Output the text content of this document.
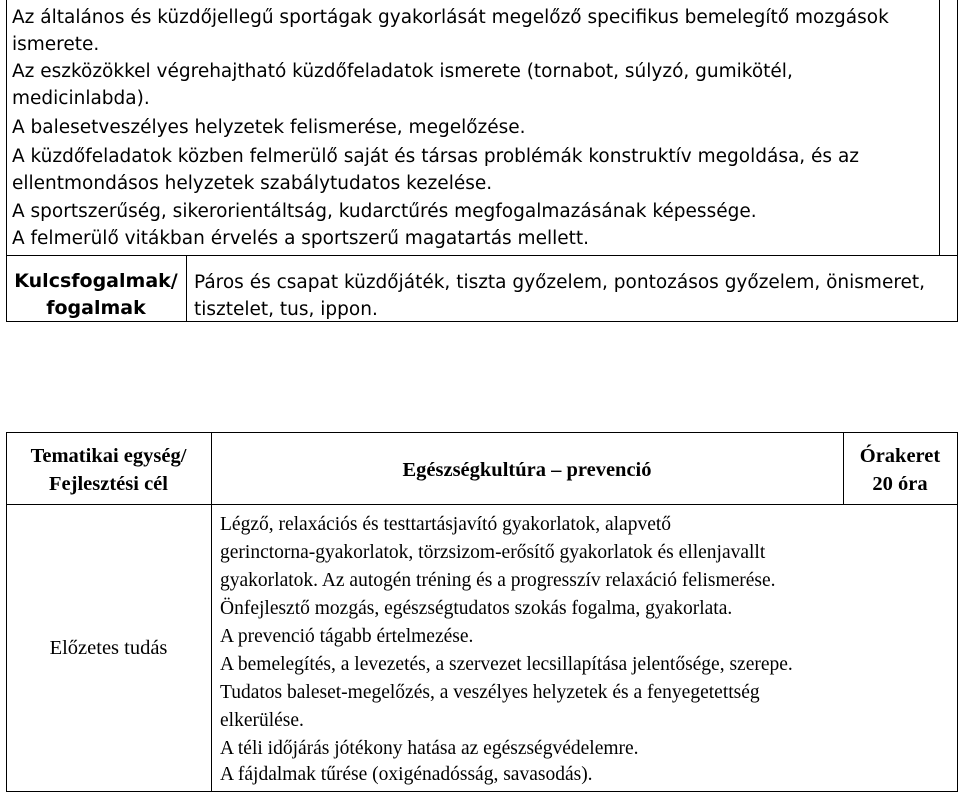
Az általános és küzdőjellegű sportágak gyakorlását megelőző specifikus bemelegítő mozgások
ismerete.
Az eszközökkel végrehajtható küzdőfeladatok ismerete (tornabot, súlyzó, gumikötél,
medicinlabda).
A balesetveszélyes helyzetek felismerése, megelőzése.
A küzdőfeladatok közben felmerülő saját és társas problémák konstruktív megoldása, és az
ellentmondásos helyzetek szabálytudatos kezelése.
A sportszerűség, sikerorientáltság, kudarctűrés megfogalmazásának képessége.
A felmerülő vitákban érvelés a sportszerű magatartás mellett.
Kulcsfogalmak/
fogalmak
Páros és csapat küzdőjáték, tiszta győzelem, pontozásos győzelem, önismeret,
tisztelet, tus, ippon.
Tematikai egység/
Fejlesztési cél
Egészségkultúra – prevenció
Órakeret
20 óra
Előzetes tudás
Légző, relaxációs és testtartásjavító gyakorlatok, alapvető
gerinctorna-gyakorlatok, törzsizom-erősítő gyakorlatok és ellenjavallt
gyakorlatok. Az autogén tréning és a progresszív relaxáció felismerése.
Önfejlesztő mozgás, egészségtudatos szokás fogalma, gyakorlata.
A prevenció tágabb értelmezése.
A bemelegítés, a levezetés, a szervezet lecsillapítása jelentősége, szerepe.
Tudatos baleset-megelőzés, a veszélyes helyzetek és a fenyegetettség
elkerülése.
A téli időjárás jótékony hatása az egészségvédelemre.
A fájdalmak tűrése (oxigénadósság, savasodás).
